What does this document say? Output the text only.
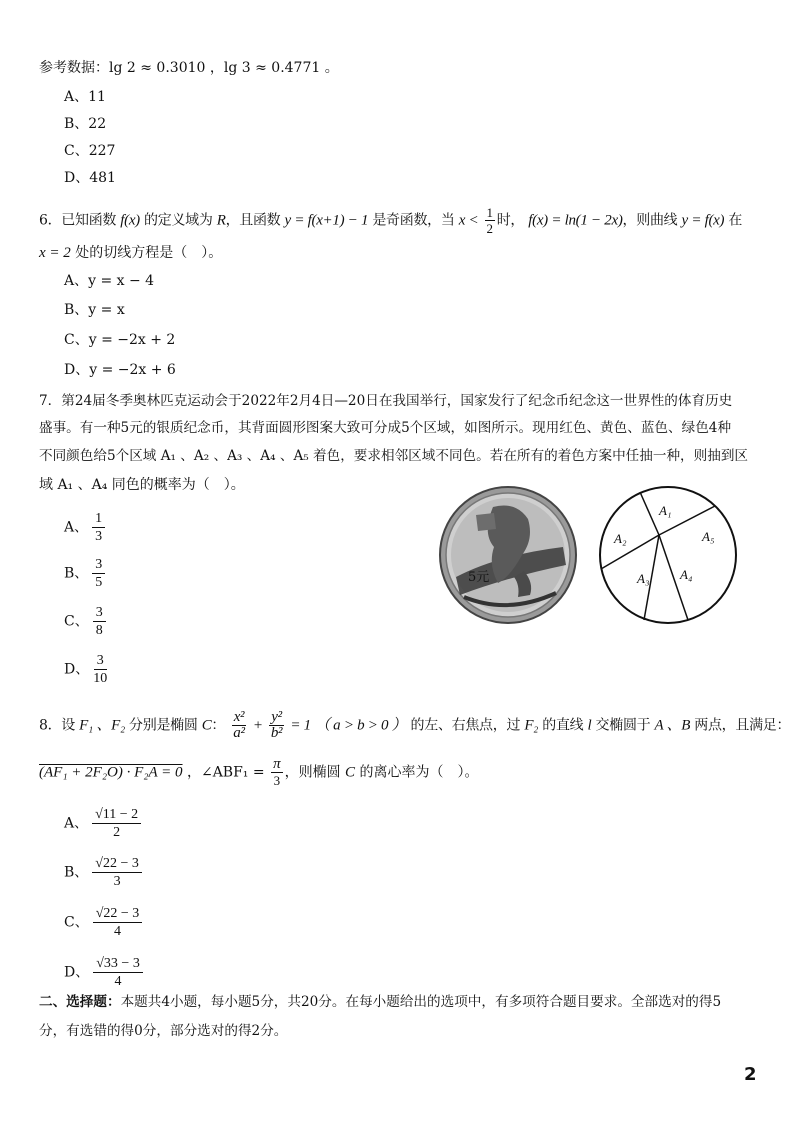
参考数据：lg 2 ≈ 0.3010 ，lg 3 ≈ 0.4771 。
A、11
B、22
C、227
D、481
6．已知函数 f(x) 的定义域为 R，且函数 y = f(x+1) − 1 是奇函数，当 $x < \frac{1}{2}$ 时， f(x) = ln(1 − 2x)，则曲线 y = f(x) 在
x = 2 处的切线方程是（　）。
A、y = x − 4
B、y = x
C、y = −2x + 2
D、y = −2x + 6
7．第24届冬季奥林匹克运动会于2022年2月4日—20日在我国举行，国家发行了纪念币纪念这一世界性的体育历史
盛事。有一种5元的银质纪念币，其背面圆形图案大致可分成5个区域，如图所示。现用红色、黄色、蓝色、绿色4种
不同颜色给5个区域 A₁ 、A₂ 、A₃ 、A₄ 、A₅ 着色，要求相邻区域不同色。若在所有的着色方案中任抽一种，则抽到区
域 A₁ 、A₄ 同色的概率为（　）。
A、 $\frac{1}{3}$
B、 $\frac{3}{5}$
C、 $\frac{3}{8}$
D、 $\frac{3}{10}$
5元
A₁
A₂
A₃ A₄
A₅
8．设 F₁ 、F₂ 分别是椭圆 C： $\frac{\text{x²}}{\text{a²}} + \frac{\text{y²}}{\text{b²}} = 1$ （ a > b > 0 ） 的左、右焦点，过 F₂ 的直线 l 交椭圆于 A 、B 两点，且满足：
(AF₁ + 2F₂O) · F₂A = 0 ，∠ABF₁ = $\frac{\pi}{3}$ ，则椭圆 C 的离心率为（　）。
A、 $\frac{√11 - 2}{2}$
B、 $\frac{√22 - 3}{3}$
C、 $\frac{√22 - 3}{4}$
D、 $\frac{√33 - 3}{4}$
二、选择题：本题共4小题，每小题5分，共20分。在每小题给出的选项中，有多项符合题目要求。全部选对的得5
分，有选错的得0分，部分选对的得2分。
2
